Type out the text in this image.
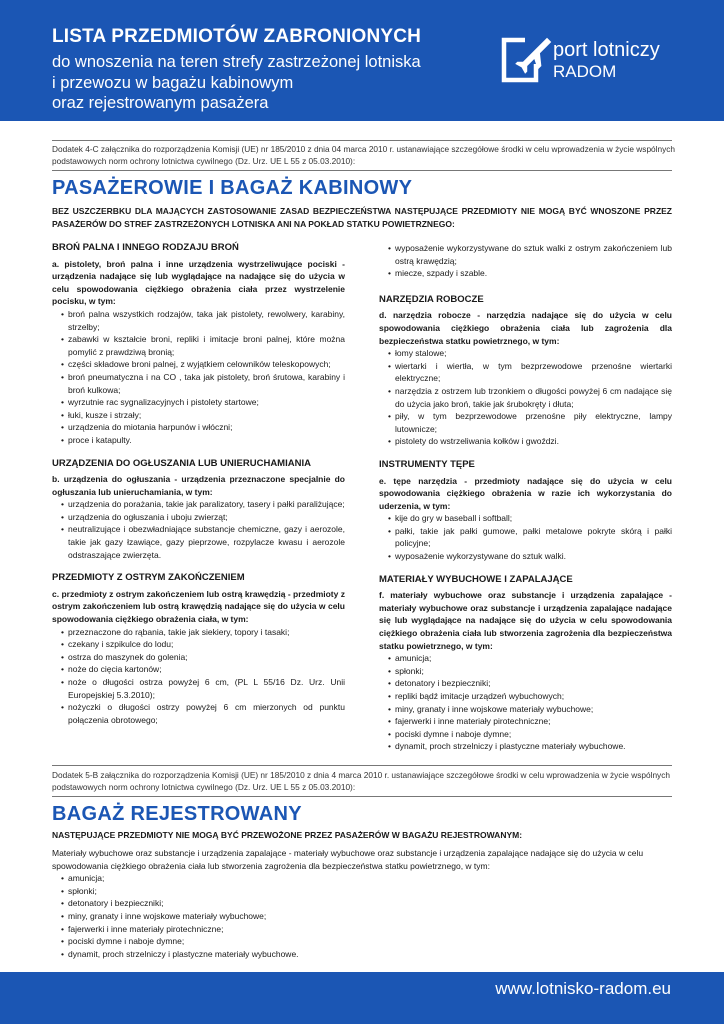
LISTA PRZEDMIOTÓW ZABRONIONYCH
do wnoszenia na teren strefy zastrzeżonej lotniska
i przewozu w bagażu kabinowym
oraz rejestrowanym pasażera
port lotniczy
RADOM
Dodatek 4-C załącznika do rozporządzenia Komisji (UE) nr 185/2010 z dnia 04 marca 2010 r. ustanawiające szczegółowe środki w celu wprowadzenia w życie wspólnych podstawowych norm ochrony lotnictwa cywilnego (Dz. Urz. UE L 55 z 05.03.2010):
PASAŻEROWIE I BAGAŻ KABINOWY
BEZ USZCZERBKU DLA MAJĄCYCH ZASTOSOWANIE ZASAD BEZPIECZEŃSTWA NASTĘPUJĄCE PRZEDMIOTY NIE MOGĄ BYĆ WNOSZONE PRZEZ PASAŻERÓW DO STREF ZASTRZEŻONYCH LOTNISKA ANI NA POKŁAD STATKU POWIETRZNEGO:
BROŃ PALNA I INNEGO RODZAJU BROŃ

a. pistolety, broń palna i inne urządzenia wystrzeliwujące pociski - urządzenia nadające się lub wyglądające na nadające się do użycia w celu spowodowania ciężkiego obrażenia ciała przez wystrzelenie pocisku, w tym:

• broń palna wszystkich rodzajów, taka jak pistolety, rewolwery, karabiny, strzelby;
• zabawki w kształcie broni, repliki i imitacje broni palnej, które można pomylić z prawdziwą bronią;
• części składowe broni palnej, z wyjątkiem celowników teleskopowych;
• broń pneumatyczna i na CO , taka jak pistolety, broń śrutowa, karabiny i broń kulkowa;
• wyrzutnie rac sygnalizacyjnych i pistolety startowe;
• łuki, kusze i strzały;
• urządzenia do miotania harpunów i włóczni;
• proce i katapulty.
URZĄDZENIA DO OGŁUSZANIA LUB UNIERUCHAMIANIA

b. urządzenia do ogłuszania - urządzenia przeznaczone specjalnie do ogłuszania lub unieruchamiania, w tym:

• urządzenia do porażania, takie jak paralizatory, tasery i pałki paraliżujące;
• urządzenia do ogłuszania i uboju zwierząt;
• neutralizujące i obezwładniające substancje chemiczne, gazy i aerozole, takie jak gazy łzawiące, gazy pieprzowe, rozpylacze kwasu i aerozole odstraszające zwierzęta.
PRZEDMIOTY Z OSTRYM ZAKOŃCZENIEM

c. przedmioty z ostrym zakończeniem lub ostrą krawędzią - przedmioty z ostrym zakończeniem lub ostrą krawędzią nadające się do użycia w celu spowodowania ciężkiego obrażenia ciała, w tym:

• przeznaczone do rąbania, takie jak siekiery, topory i tasaki;
• czekany i szpikulce do lodu;
• ostrza do maszynek do golenia;
• noże do cięcia kartonów;
• noże o długości ostrza powyżej 6 cm, (PL L 55/16 Dz. Urz. Unii Europejskiej 5.3.2010);
• nożyczki o długości ostrzy powyżej 6 cm mierzonych od punktu połączenia obrotowego;
• wyposażenie wykorzystywane do sztuk walki z ostrym zakończeniem lub ostrą krawędzią;
• miecze, szpady i szable.
NARZĘDZIA ROBOCZE

d. narzędzia robocze - narzędzia nadające się do użycia w celu spowodowania ciężkiego obrażenia ciała lub zagrożenia dla bezpieczeństwa statku powietrznego, w tym:

• łomy stalowe;
• wiertarki i wiertła, w tym bezprzewodowe przenośne wiertarki elektryczne;
• narzędzia z ostrzem lub trzonkiem o długości powyżej 6 cm nadające się do użycia jako broń, takie jak śrubokręty i dłuta;
• piły, w tym bezprzewodowe przenośne piły elektryczne, lampy lutownicze;
• pistolety do wstrzeliwania kołków i gwoździ.
INSTRUMENTY TĘPE

e. tępe narzędzia - przedmioty nadające się do użycia w celu spowodowania ciężkiego obrażenia w razie ich wykorzystania do uderzenia, w tym:

• kije do gry w baseball i softball;
• pałki, takie jak pałki gumowe, pałki metalowe pokryte skórą i pałki policyjne;
• wyposażenie wykorzystywane do sztuk walki.
MATERIAŁY WYBUCHOWE I ZAPALAJĄCE

f. materiały wybuchowe oraz substancje i urządzenia zapalające - materiały wybuchowe oraz substancje i urządzenia zapalające nadające się lub wyglądające na nadające się do użycia w celu spowodowania ciężkiego obrażenia ciała lub stworzenia zagrożenia dla bezpieczeństwa statku powietrznego, w tym:

• amunicja;
• spłonki;
• detonatory i bezpieczniki;
• repliki bądź imitacje urządzeń wybuchowych;
• miny, granaty i inne wojskowe materiały wybuchowe;
• fajerwerki i inne materiały pirotechniczne;
• pociski dymne i naboje dymne;
• dynamit, proch strzelniczy i plastyczne materiały wybuchowe.
Dodatek 5-B załącznika do rozporządzenia Komisji (UE) nr 185/2010 z dnia 4 marca 2010 r. ustanawiające szczegółowe środki w celu wprowadzenia w życie wspólnych podstawowych norm ochrony lotnictwa cywilnego (Dz. Urz. UE L 55 z 05.03.2010):
BAGAŻ REJESTROWANY
NASTĘPUJĄCE PRZEDMIOTY NIE MOGĄ BYĆ PRZEWOŻONE PRZEZ PASAŻERÓW W BAGAŻU REJESTROWANYM:
Materiały wybuchowe oraz substancje i urządzenia zapalające - materiały wybuchowe oraz substancje i urządzenia zapalające nadające się do użycia w celu spowodowania ciężkiego obrażenia ciała lub stworzenia zagrożenia dla bezpieczeństwa statku powietrznego, w tym:
• amunicja;
• spłonki;
• detonatory i bezpieczniki;
• miny, granaty i inne wojskowe materiały wybuchowe;
• fajerwerki i inne materiały pirotechniczne;
• pociski dymne i naboje dymne;
• dynamit, proch strzelniczy i plastyczne materiały wybuchowe.
www.lotnisko-radom.eu
